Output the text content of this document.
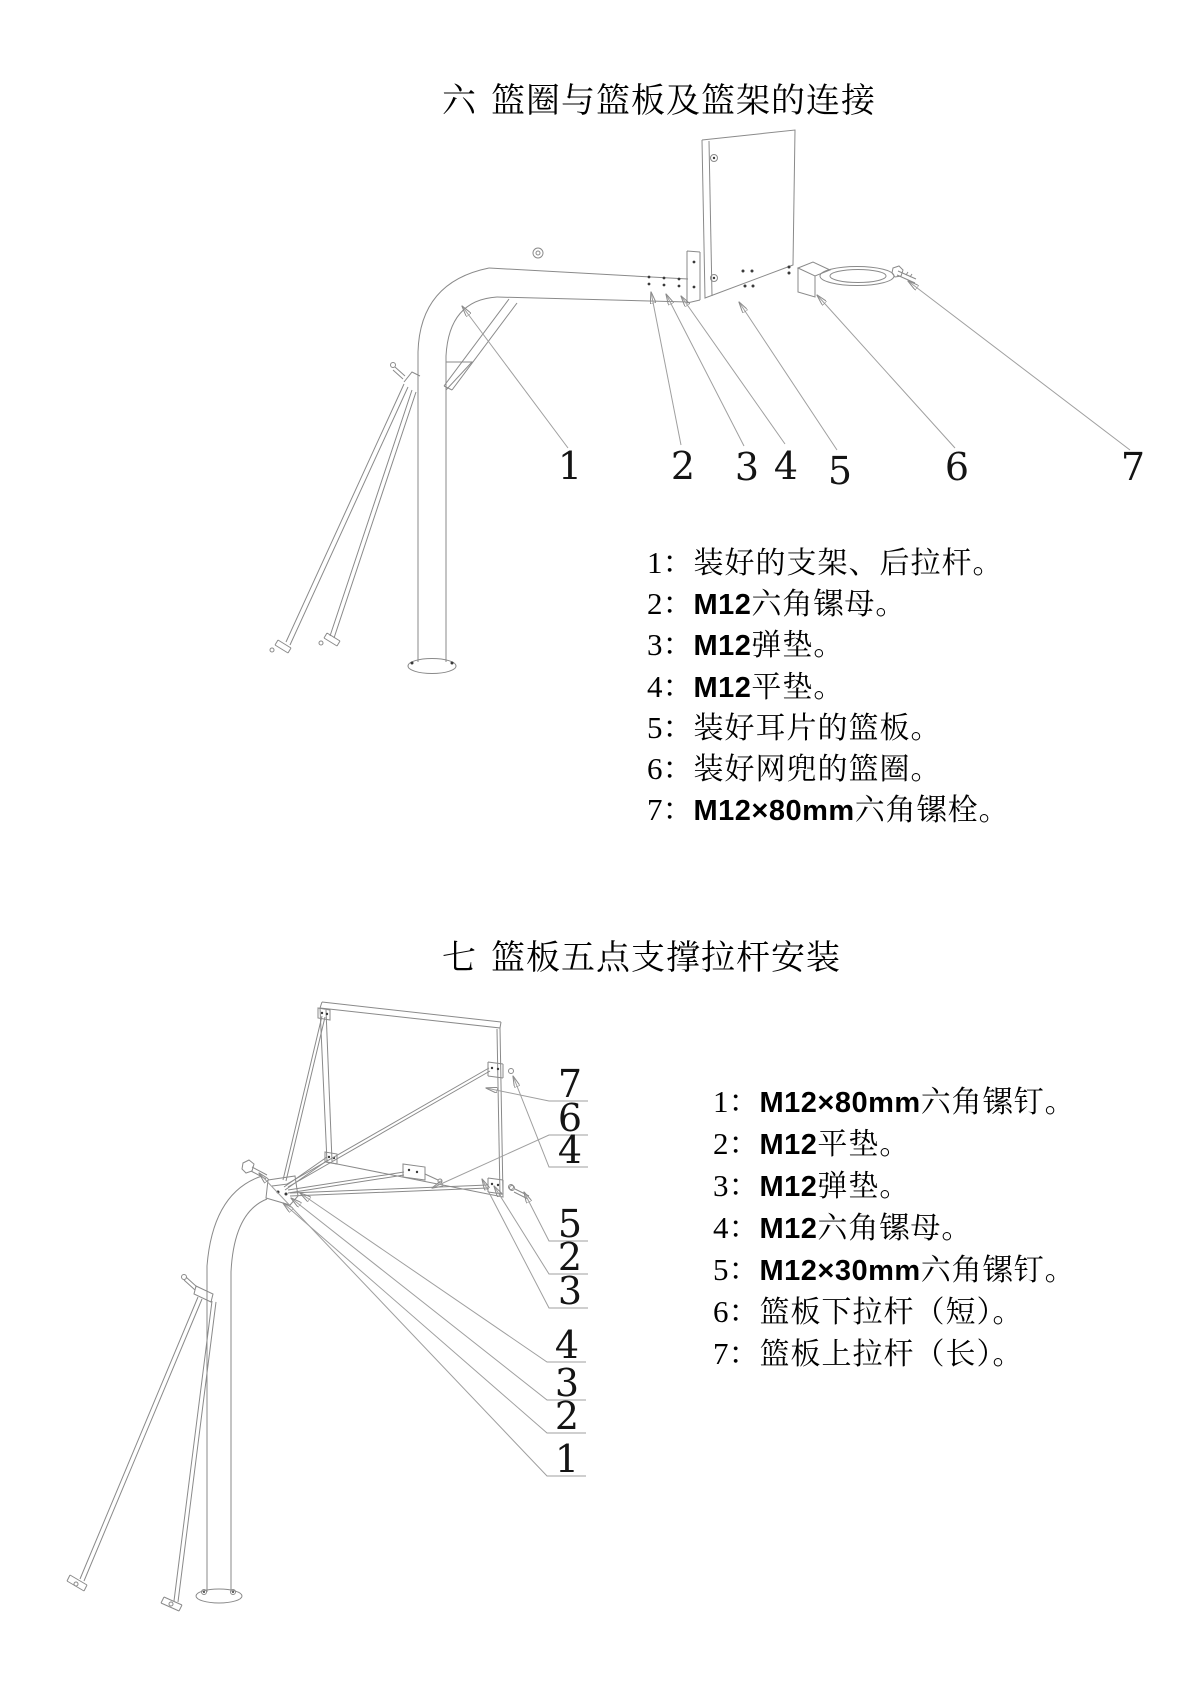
六 篮圈与篮板及篮架的连接
1 2 3 4 5 6	7
1： 装好的支架、后拉杆。
2： M12 六角镙母。
3： M12 弹垫。
4： M12 平垫。
5： 装好耳片的篮板。
6： 装好网兜的篮圈。
7： M12×80mm 六角镙栓。
七 篮板五点支撑拉杆安装
7
6
4
5
2
3
4
3
2
1
1： M12×80mm 六角镙钉。
2： M12 平垫。
3： M12 弹垫。
4： M12 六角镙母。
5： M12×30mm 六角镙钉。
6： 篮板下拉杆（短）。
7： 篮板上拉杆（长）。
